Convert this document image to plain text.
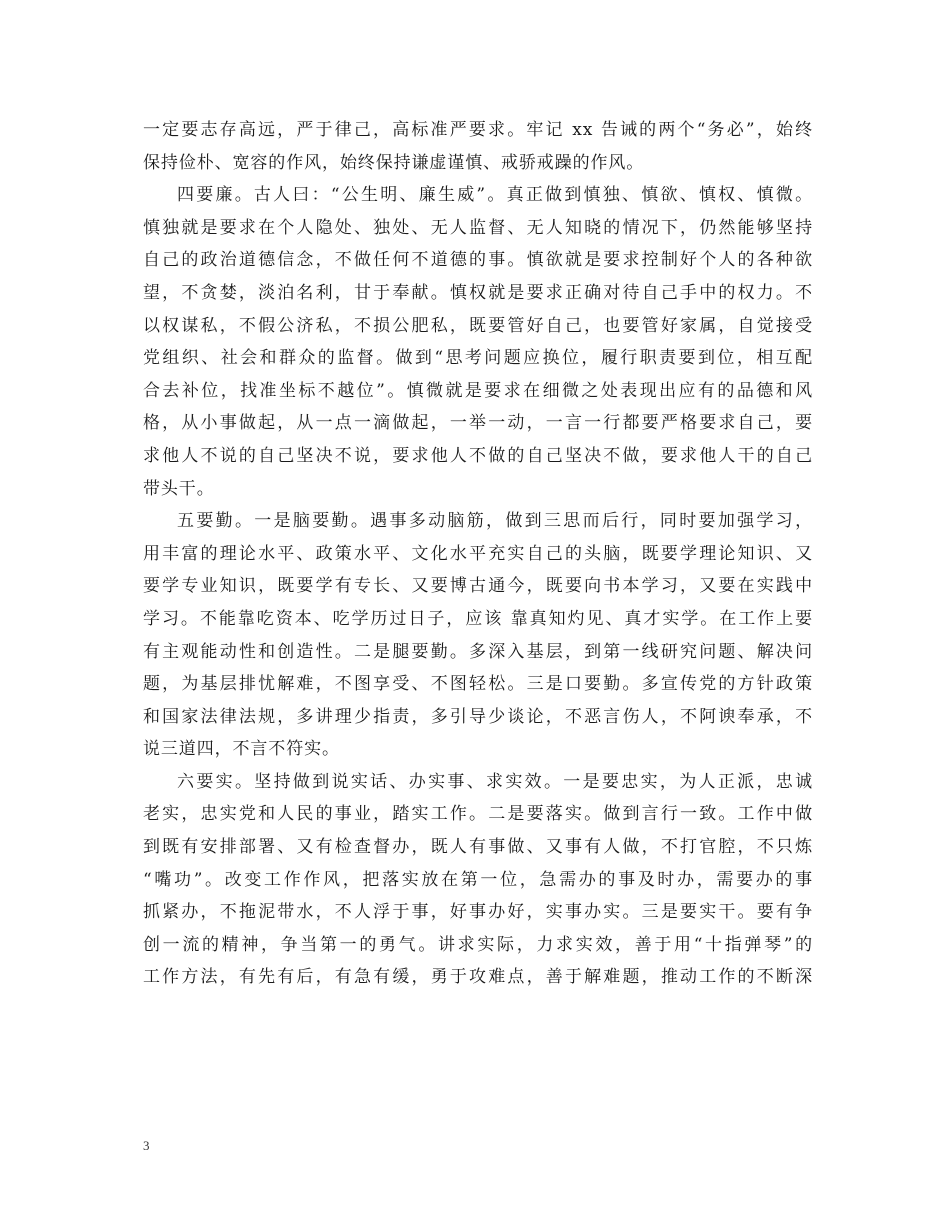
一定要志存高远，严于律己，高标准严要求。牢记 xx 告诫的两个“务必”，始终
保持俭朴、宽容的作风，始终保持谦虚谨慎、戒骄戒躁的作风。
四要廉。古人曰：“公生明、廉生威”。真正做到慎独、慎欲、慎权、慎微。
慎独就是要求在个人隐处、独处、无人监督、无人知晓的情况下，仍然能够坚持
自己的政治道德信念，不做任何不道德的事。慎欲就是要求控制好个人的各种欲
望，不贪婪，淡泊名利，甘于奉献。慎权就是要求正确对待自己手中的权力。不
以权谋私，不假公济私，不损公肥私，既要管好自己，也要管好家属，自觉接受
党组织、社会和群众的监督。做到“思考问题应换位，履行职责要到位，相互配
合去补位，找准坐标不越位”。慎微就是要求在细微之处表现出应有的品德和风
格，从小事做起，从一点一滴做起，一举一动，一言一行都要严格要求自己，要
求他人不说的自己坚决不说，要求他人不做的自己坚决不做，要求他人干的自己
带头干。
五要勤。一是脑要勤。遇事多动脑筋，做到三思而后行，同时要加强学习，
用丰富的理论水平、政策水平、文化水平充实自己的头脑，既要学理论知识、又
要学专业知识，既要学有专长、又要博古通今，既要向书本学习，又要在实践中
学习。不能靠吃资本、吃学历过日子，应该 靠真知灼见、真才实学。在工作上要
有主观能动性和创造性。二是腿要勤。多深入基层，到第一线研究问题、解决问
题，为基层排忧解难，不图享受、不图轻松。三是口要勤。多宣传党的方针政策
和国家法律法规，多讲理少指责，多引导少谈论，不恶言伤人，不阿谀奉承，不
说三道四，不言不符实。
六要实。坚持做到说实话、办实事、求实效。一是要忠实，为人正派，忠诚
老实，忠实党和人民的事业，踏实工作。二是要落实。做到言行一致。工作中做
到既有安排部署、又有检查督办，既人有事做、又事有人做，不打官腔，不只炼
“嘴功”。改变工作作风，把落实放在第一位，急需办的事及时办，需要办的事
抓紧办，不拖泥带水，不人浮于事，好事办好，实事办实。三是要实干。要有争
创一流的精神，争当第一的勇气。讲求实际，力求实效，善于用“十指弹琴”的
工作方法，有先有后，有急有缓，勇于攻难点，善于解难题，推动工作的不断深
3
